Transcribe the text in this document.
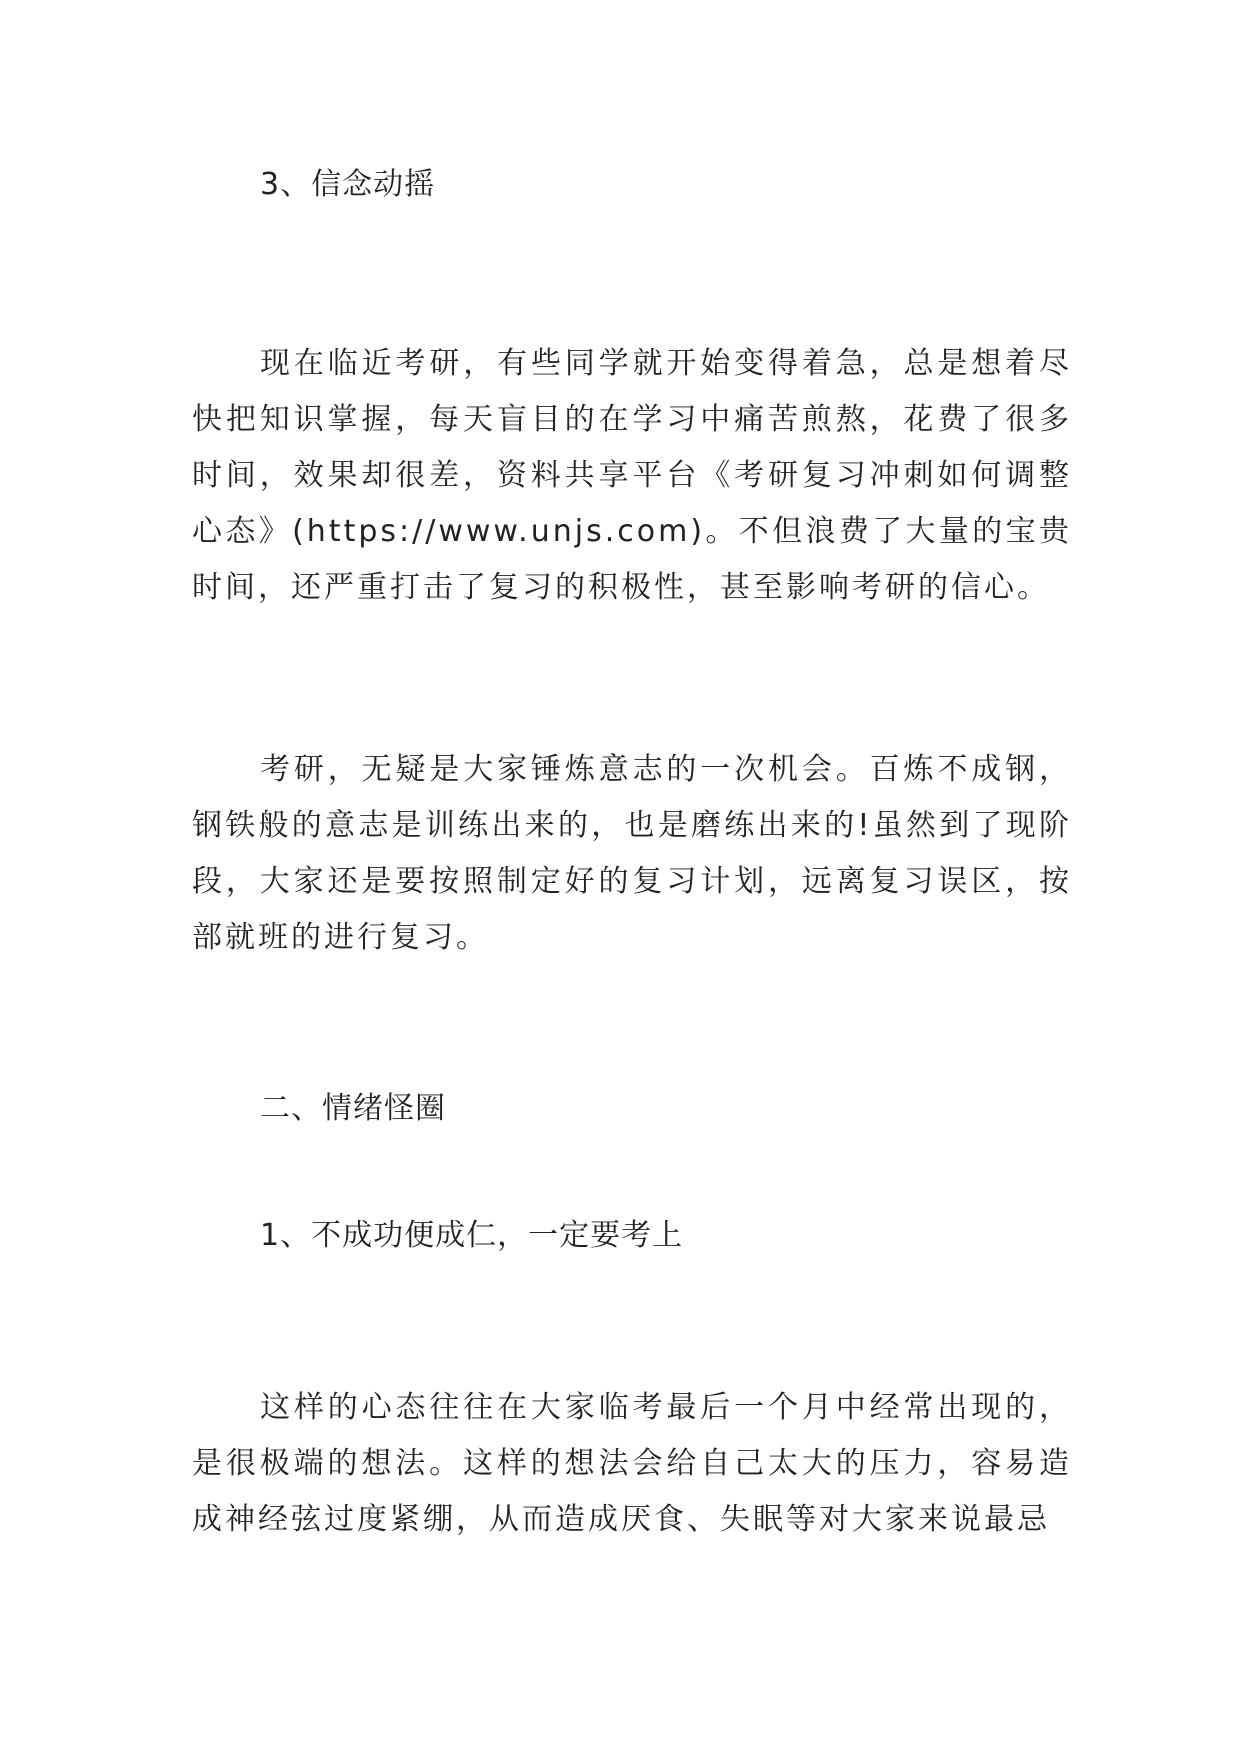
3、信念动摇

现在临近考研，有些同学就开始变得着急，总是想着尽快把知识掌握，每天盲目的在学习中痛苦煎熬，花费了很多时间，效果却很差，资料共享平台《考研复习冲刺如何调整心态》(https://www.unjs.com)。不但浪费了大量的宝贵时间，还严重打击了复习的积极性，甚至影响考研的信心。

考研，无疑是大家锤炼意志的一次机会。百炼不成钢，钢铁般的意志是训练出来的，也是磨练出来的!虽然到了现阶段，大家还是要按照制定好的复习计划，远离复习误区，按部就班的进行复习。

二、情绪怪圈
1、不成功便成仁，一定要考上

这样的心态往往在大家临考最后一个月中经常出现的，是很极端的想法。这样的想法会给自己太大的压力，容易造成神经弦过度紧绷，从而造成厌食、失眠等对大家来说最忌
